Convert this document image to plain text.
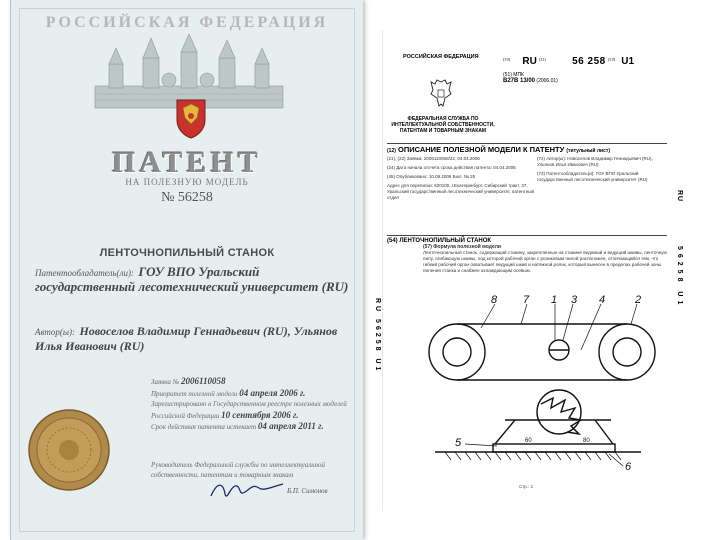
РОССИЙСКАЯ ФЕДЕРАЦИЯ
ПАТЕНТ
НА ПОЛЕЗНУЮ МОДЕЛЬ
№ 56258
ЛЕНТОЧНОПИЛЬНЫЙ СТАНОК
Патентообладатель(ли): ГОУ ВПО Уральский государственный лесотехнический университет (RU)
Автор(ы): Новоселов Владимир Геннадьевич (RU), Ульянов Илья Иванович (RU)
Заявка № 2006110058
Приоритет полезной модели 04 апреля 2006 г.
Зарегистрировано в Государственном реестре полезных моделей Российской Федерации 10 сентября 2006 г.
Срок действия патента истекает 04 апреля 2011 г.
Руководитель Федеральной службы по интеллектуальной собственности, патентам и товарным знакам
Б.П. Симонов
РОССИЙСКАЯ ФЕДЕРАЦИЯ
ФЕДЕРАЛЬНАЯ СЛУЖБА ПО ИНТЕЛЛЕКТУАЛЬНОЙ СОБСТВЕННОСТИ, ПАТЕНТАМ И ТОВАРНЫМ ЗНАКАМ
$^{(19)}$ RU $^{(11)}$	56 258 $^{(13)}$ U1
(51) МПК
B27B 13/00 (2006.01)
(12) ОПИСАНИЕ ПОЛЕЗНОЙ МОДЕЛИ К ПАТЕНТУ (титульный лист)

(21), (22) Заявка: 2006110058/22, 04.04.2006

(24) Дата начала отсчета срока действия патента: 04.04.2006

(45) Опубликовано: 10.09.2006 Бюл. № 25

Адрес для переписки: 620100, г.Екатеринбург, Сибирский тракт, 37, Уральский государственный лесотехнический университет, патентный отдел

(72) Автор(ы): Новоселов Владимир Геннадьевич (RU), Ульянов Илья Иванович (RU)

(73) Патентообладатель(и): ГОУ ВПО Уральский государственный лесотехнический университет (RU)

(54) ЛЕНТОЧНОПИЛЬНЫЙ СТАНОК
(57) Формула полезной модели
Ленточнопильный станок, содержащий станину, закрепленные на станине ведомый и ведущий шкивы, ленточную пилу, огибающую шкивы, под которой рабочий орган с роликовым пилой расположен, отличающийся тем, что гибкий рабочий орган охватывает ведущий шкив и натяжной ролик, который вынесен в пределах рабочей зоны пиления станка и снабжен охлаждающим осевым.
RU
56258 U1
RU 56258 U1	8 7 1 3 4	2
5
6
60	80
Стр.: 1
